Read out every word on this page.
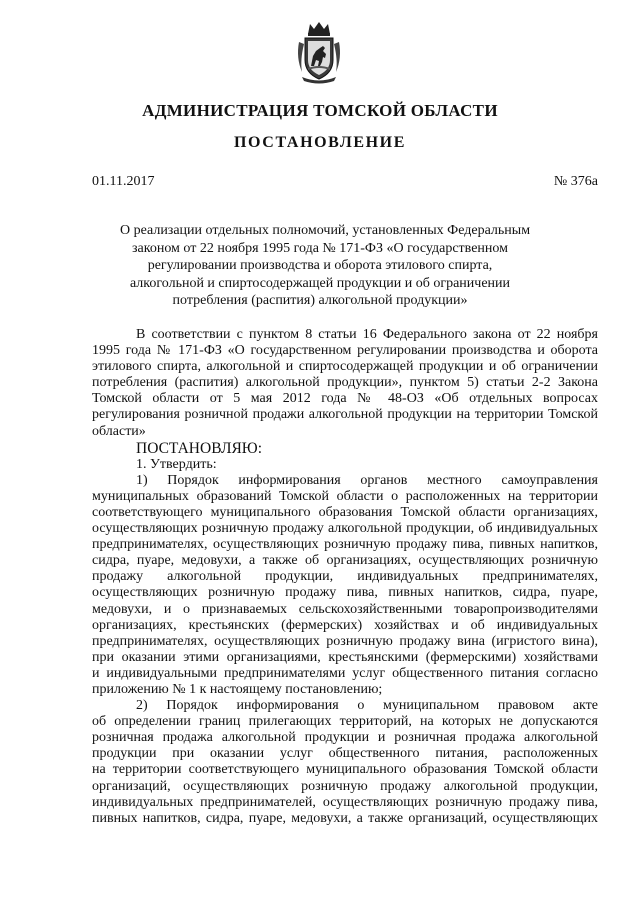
АДМИНИСТРАЦИЯ ТОМСКОЙ ОБЛАСТИ
ПОСТАНОВЛЕНИЕ
01.11.2017	№ 376а
О реализации отдельных полномочий, установленных Федеральным
законом от 22 ноября 1995 года № 171-ФЗ «О государственном
регулировании производства и оборота этилового спирта,
алкогольной и спиртосодержащей продукции и об ограничении
потребления (распития) алкогольной продукции»
В соответствии с пунктом 8 статьи 16 Федерального закона от 22 ноября
1995 года № 171-ФЗ «О государственном регулировании производства и оборота
этилового спирта, алкогольной и спиртосодержащей продукции и об ограничении
потребления (распития) алкогольной продукции», пунктом 5) статьи 2-2 Закона
Томской области от 5 мая 2012 года № 48-ОЗ «Об отдельных вопросах
регулирования розничной продажи алкогольной продукции на территории Томской
области»
ПОСТАНОВЛЯЮ:
1. Утвердить:
1) Порядок информирования органов местного самоуправления
муниципальных образований Томской области о расположенных на территории
соответствующего муниципального образования Томской области организациях,
осуществляющих розничную продажу алкогольной продукции, об индивидуальных
предпринимателях, осуществляющих розничную продажу пива, пивных напитков,
сидра, пуаре, медовухи, а также об организациях, осуществляющих розничную
продажу алкогольной продукции, индивидуальных предпринимателях,
осуществляющих розничную продажу пива, пивных напитков, сидра, пуаре,
медовухи, и о признаваемых сельскохозяйственными товаропроизводителями
организациях, крестьянских (фермерских) хозяйствах и об индивидуальных
предпринимателях, осуществляющих розничную продажу вина (игристого вина),
при оказании этими организациями, крестьянскими (фермерскими) хозяйствами
и индивидуальными предпринимателями услуг общественного питания согласно
приложению № 1 к настоящему постановлению;
2) Порядок информирования о муниципальном правовом акте
об определении границ прилегающих территорий, на которых не допускаются
розничная продажа алкогольной продукции и розничная продажа алкогольной
продукции при оказании услуг общественного питания, расположенных
на территории соответствующего муниципального образования Томской области
организаций, осуществляющих розничную продажу алкогольной продукции,
индивидуальных предпринимателей, осуществляющих розничную продажу пива,
пивных напитков, сидра, пуаре, медовухи, а также организаций, осуществляющих
